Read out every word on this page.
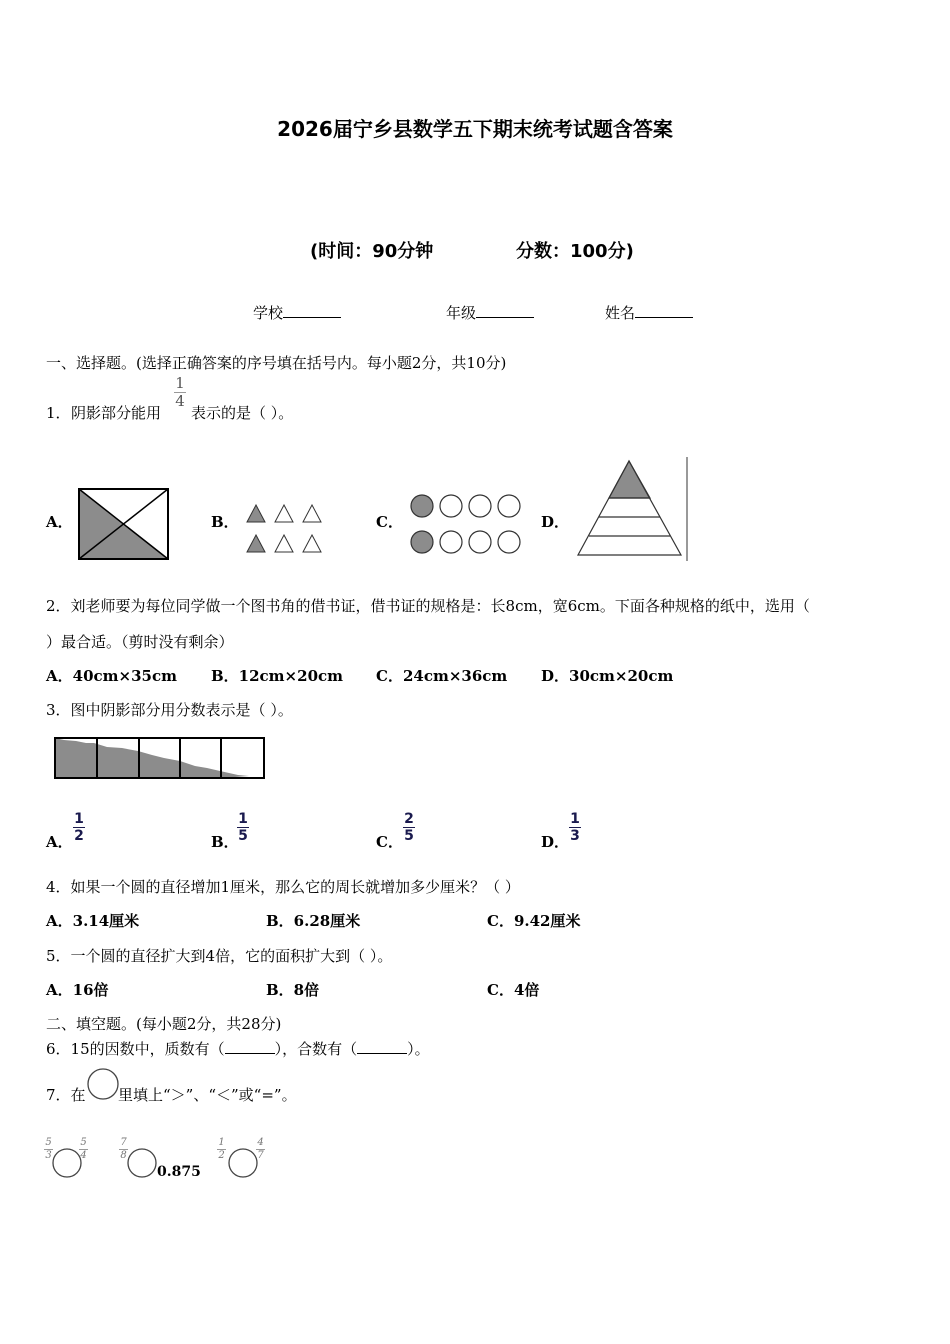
2026届宁乡县数学五下期末统考试题含答案
(时间：90分钟	分数：100分)
学校	年级	姓名
一、选择题。(选择正确答案的序号填在括号内。每小题2分，共10分)
1． 阴影部分能用
1
4
表示的是（ ）。
A．	B．	C．	D．
2．刘老师要为每位同学做一个图书角的借书证，借书证的规格是：长8cm，宽6cm。下面各种规格的纸中，选用（
）最合适。（剪时没有剩余）
A．40cm×35cm B．12cm×20cm C．24cm×36cm D．30cm×20cm
3．图中阴影部分用分数表示是（ ）。
A．
1
2	B．
1
5	C．
2
5	D．
1
3
4．如果一个圆的直径增加1厘米，那么它的周长就增加多少厘米？（ ）
A．3.14厘米	B．6.28厘米	C．9.42厘米
5．一个圆的直径扩大到4倍，它的面积扩大到（ ）。
A．16倍	B．8倍	C．4倍
二、填空题。(每小题2分，共28分)
6．15的因数中，质数有（	），合数有（	）。
7．在 里填上“＞”、“＜”或“=”。
5
3
5
4
7
8
0.875
1
2
4
7
